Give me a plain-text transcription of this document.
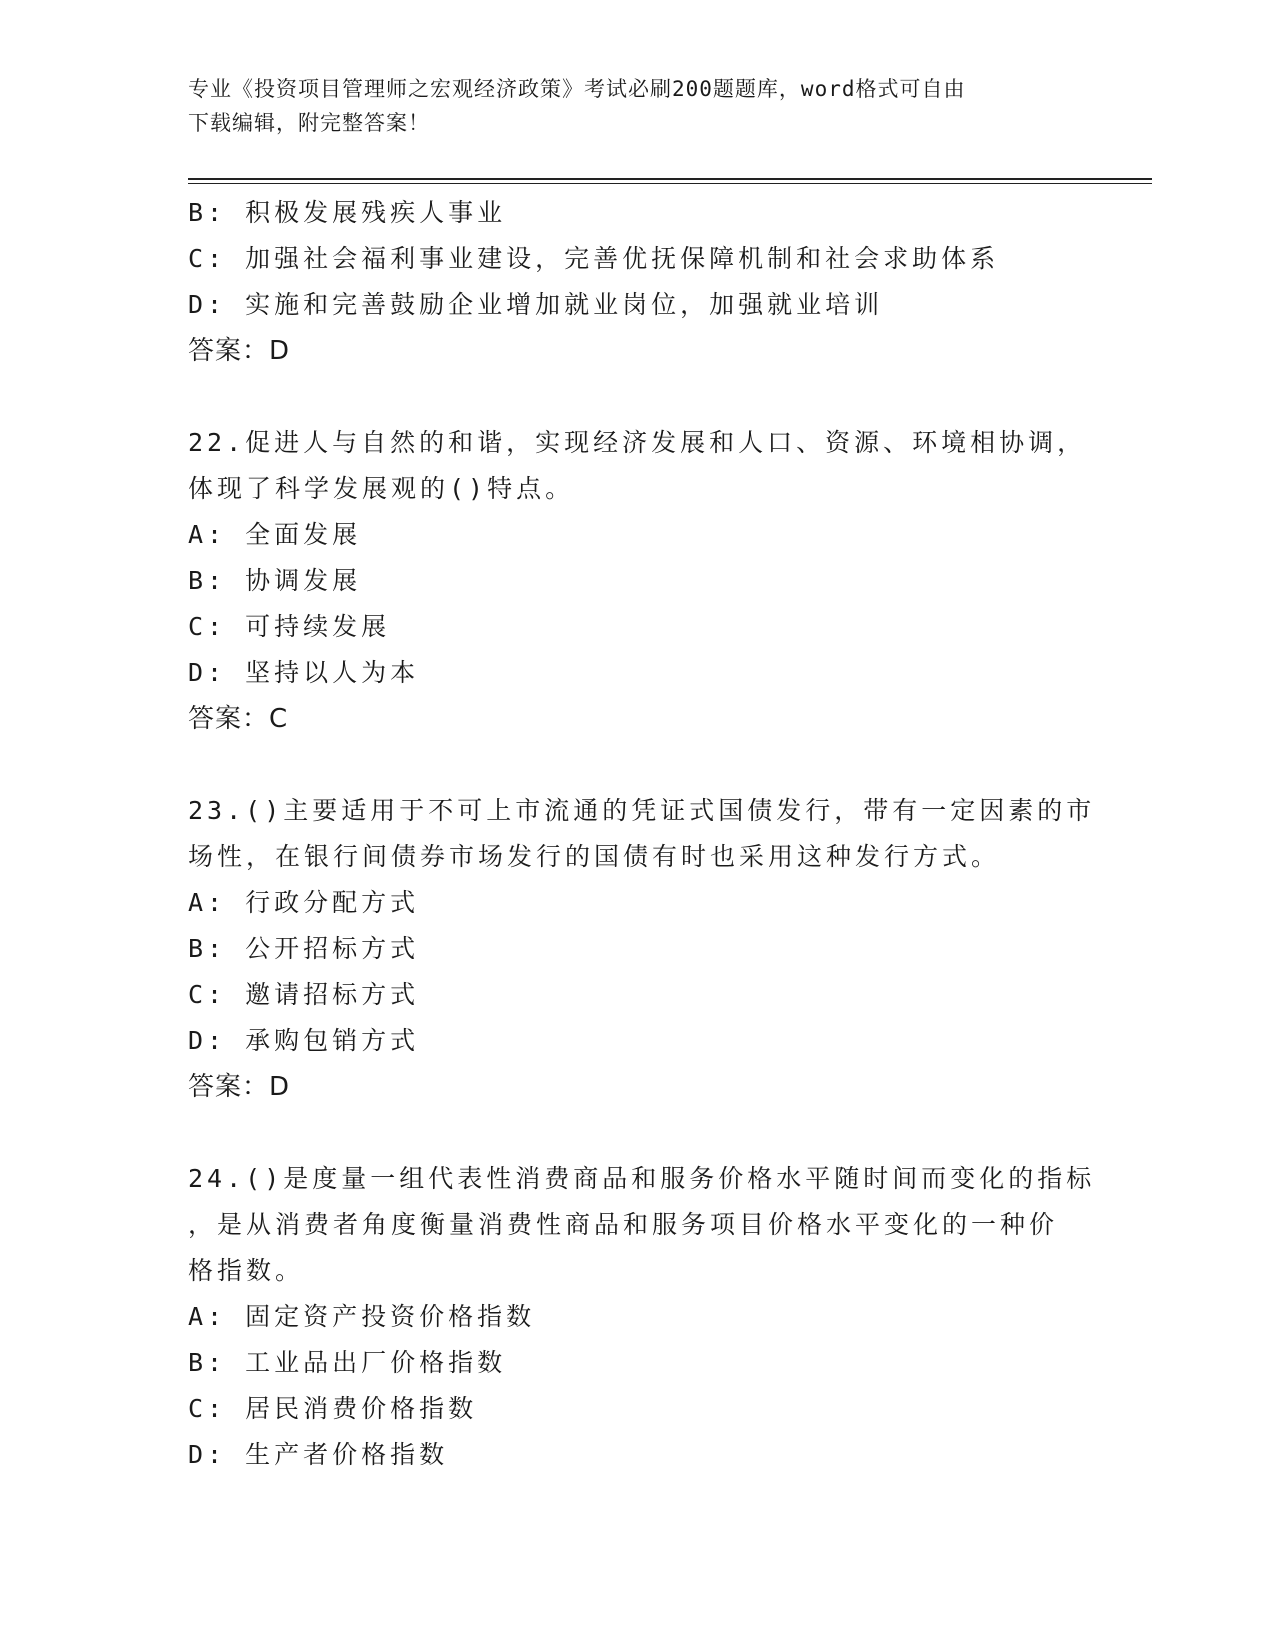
专业《投资项目管理师之宏观经济政策》考试必刷200题题库，word格式可自由
下载编辑，附完整答案！
B: 积极发展残疾人事业
C: 加强社会福利事业建设，完善优抚保障机制和社会求助体系
D: 实施和完善鼓励企业增加就业岗位，加强就业培训
答案：D
22.促进人与自然的和谐，实现经济发展和人口、资源、环境相协调，
体现了科学发展观的()特点。
A: 全面发展
B: 协调发展
C: 可持续发展
D: 坚持以人为本
答案：C
23.()主要适用于不可上市流通的凭证式国债发行，带有一定因素的市
场性，在银行间债券市场发行的国债有时也采用这种发行方式。
A: 行政分配方式
B: 公开招标方式
C: 邀请招标方式
D: 承购包销方式
答案：D
24.()是度量一组代表性消费商品和服务价格水平随时间而变化的指标
，是从消费者角度衡量消费性商品和服务项目价格水平变化的一种价
格指数。
A: 固定资产投资价格指数
B: 工业品出厂价格指数
C: 居民消费价格指数
D: 生产者价格指数
